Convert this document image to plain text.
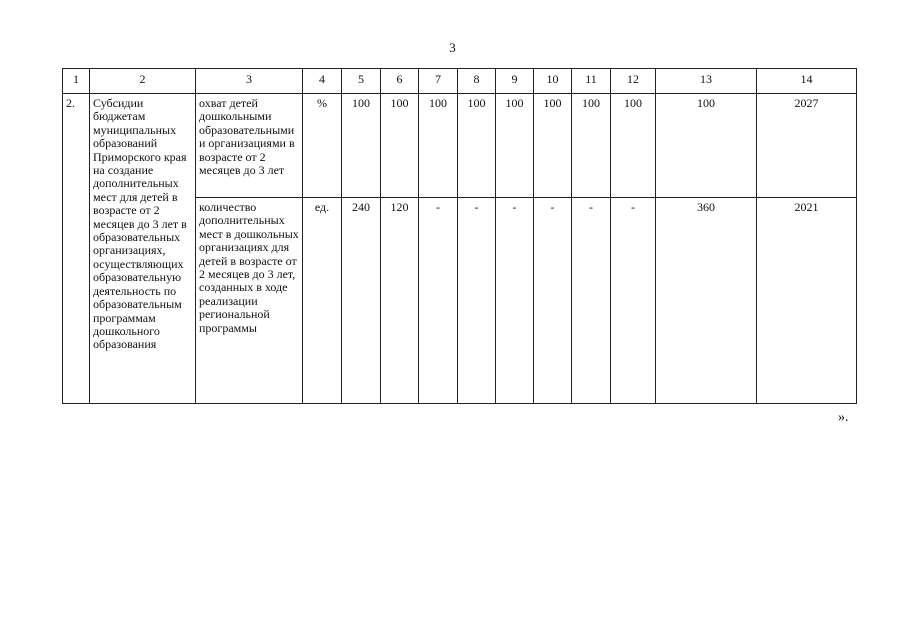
3
1	2	3	4	5	6	7	8	9	10	11	12	13	14
2.	Субсидии бюджетам муниципальных образований Приморского края на создание дополнительных мест для детей в возрасте от 2 месяцев до 3 лет в образовательных организациях, осуществляющих образовательную деятельность по образовательным программам дошкольного образования	охват детей дошкольными образовательными и организациями в возрасте от 2 месяцев до 3 лет	%	100	100	100	100	100	100	100	100	100	2027
		количество дополнительных мест в дошкольных организациях для детей в возрасте от 2 месяцев до 3 лет, созданных в ходе реализации региональной программы	ед.	240	120	-	-	-	-	-	-	360	2021
».
